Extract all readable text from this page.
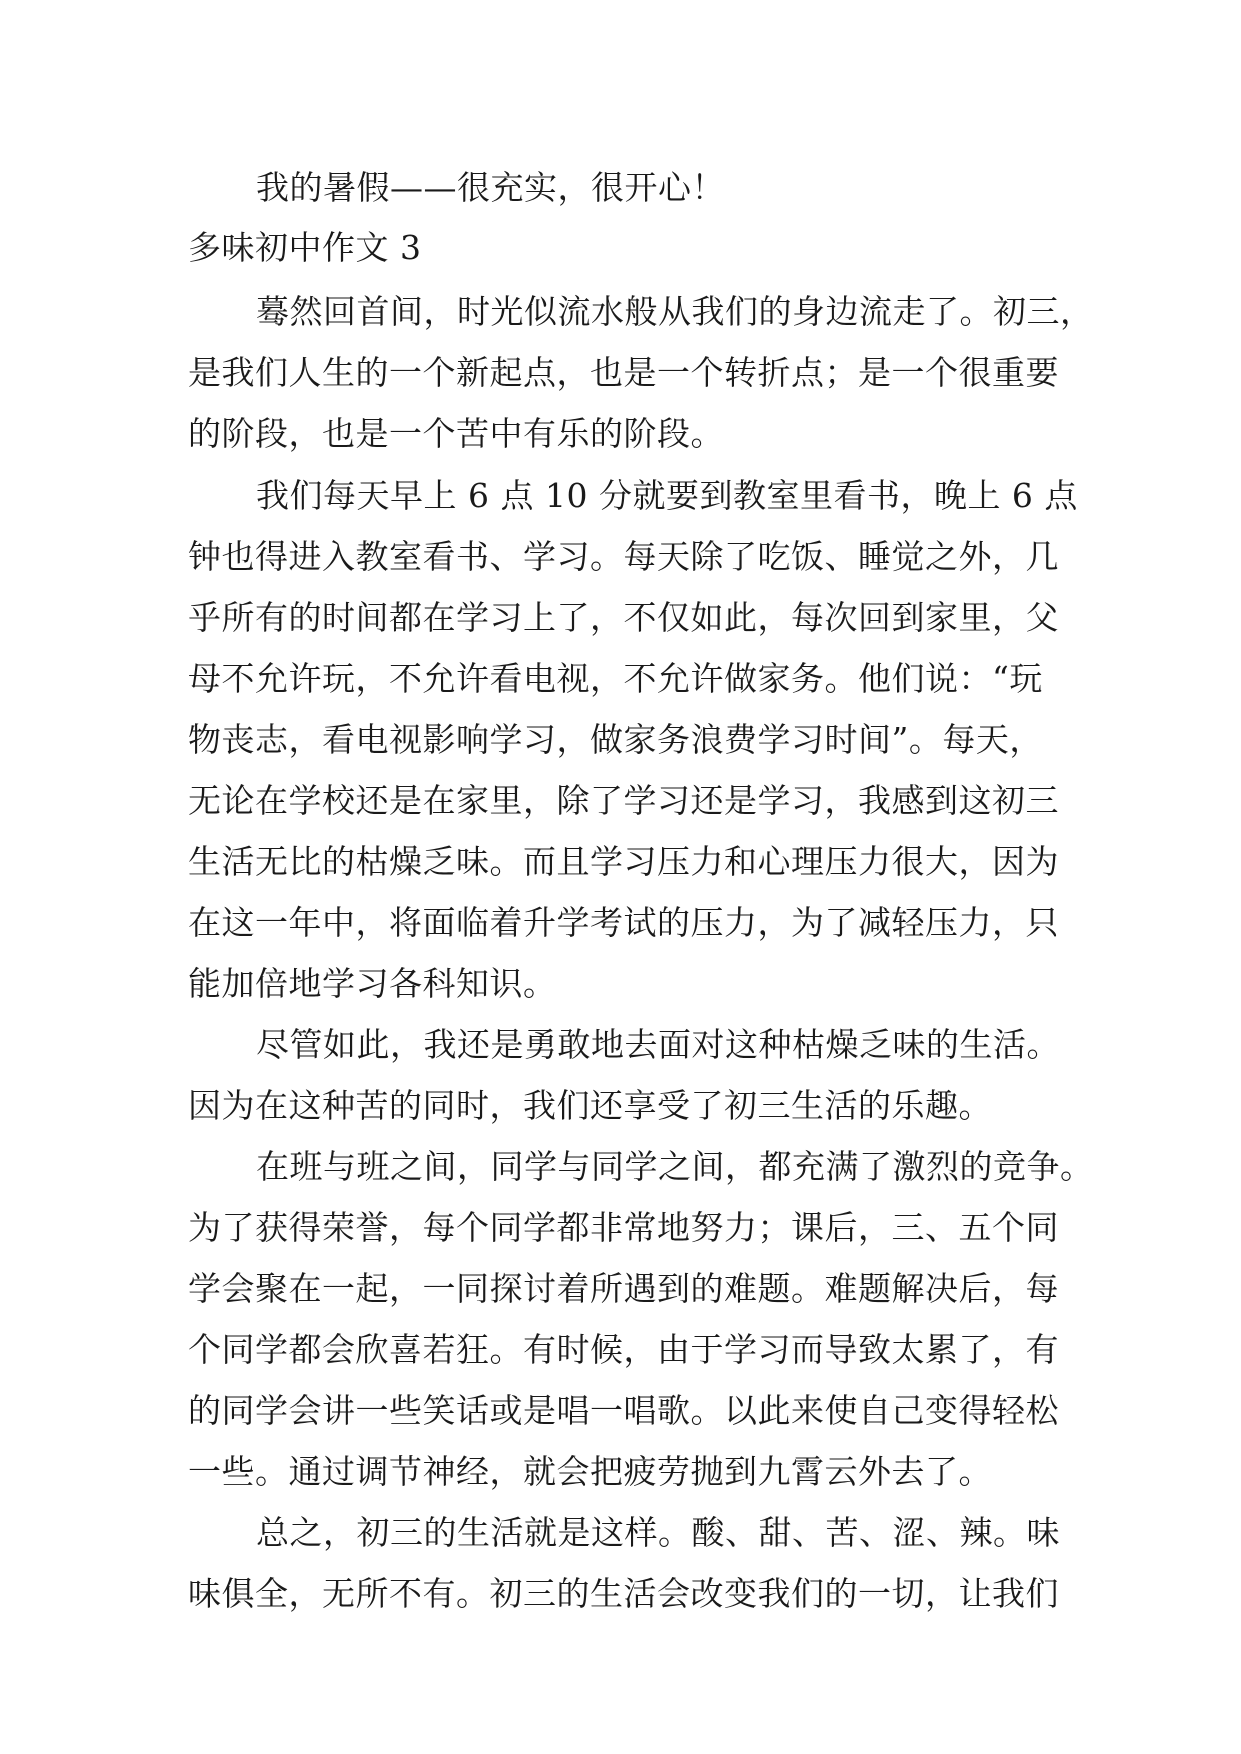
我的暑假——很充实，很开心！
多味初中作文 3
蓦然回首间，时光似流水般从我们的身边流走了。初三，
是我们人生的一个新起点，也是一个转折点；是一个很重要
的阶段，也是一个苦中有乐的阶段。
我们每天早上 6 点 10 分就要到教室里看书，晚上 6 点
钟也得进入教室看书、学习。每天除了吃饭、睡觉之外，几
乎所有的时间都在学习上了，不仅如此，每次回到家里，父
母不允许玩，不允许看电视，不允许做家务。他们说：“玩
物丧志，看电视影响学习，做家务浪费学习时间”。每天，
无论在学校还是在家里，除了学习还是学习，我感到这初三
生活无比的枯燥乏味。而且学习压力和心理压力很大，因为
在这一年中，将面临着升学考试的压力，为了减轻压力，只
能加倍地学习各科知识。
尽管如此，我还是勇敢地去面对这种枯燥乏味的生活。
因为在这种苦的同时，我们还享受了初三生活的乐趣。
在班与班之间，同学与同学之间，都充满了激烈的竞争。
为了获得荣誉，每个同学都非常地努力；课后，三、五个同
学会聚在一起，一同探讨着所遇到的难题。难题解决后，每
个同学都会欣喜若狂。有时候，由于学习而导致太累了，有
的同学会讲一些笑话或是唱一唱歌。以此来使自己变得轻松
一些。通过调节神经，就会把疲劳抛到九霄云外去了。
总之，初三的生活就是这样。酸、甜、苦、涩、辣。味
味俱全，无所不有。初三的生活会改变我们的一切，让我们
